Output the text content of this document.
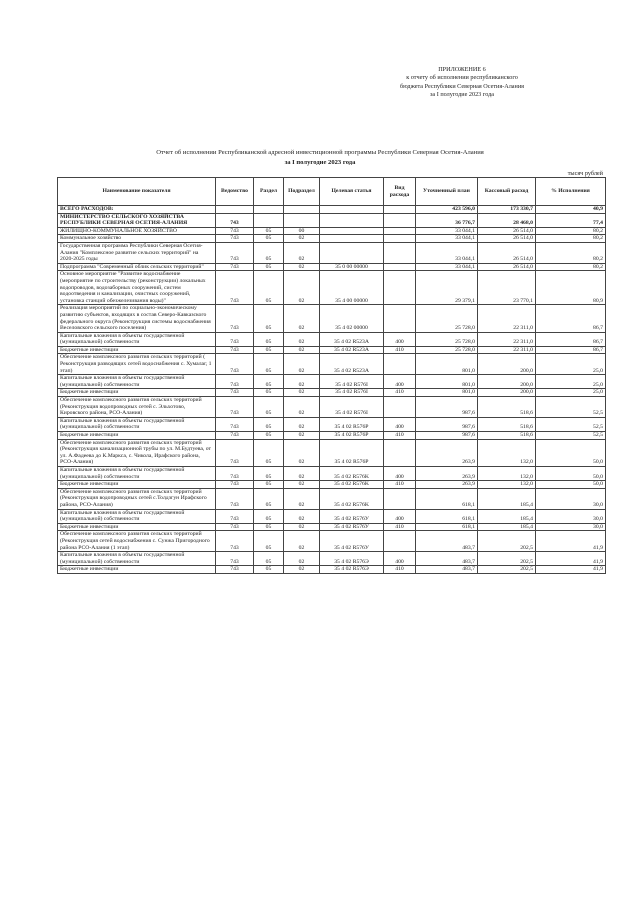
ПРИЛОЖЕНИЕ 6
к отчету об исполнении республиканского
бюджета Республики Северная Осетия-Алания
за I полугодие 2023 года
Отчет об исполнении Республиканской адресной инвестиционной программы Республики Северная Осетия-Алания
за I полугодие 2023 года
тысяч рублей
Наименование показателя	Ведомство	Раздел	Подраздел	Целевая статья	Вид расхода	Уточненный план	Кассовый расход	% Исполнения
ВСЕГО РАСХОДОВ:						423 596,0	173 330,7	40,9
МИНИСТЕРСТВО СЕЛЬСКОГО ХОЗЯЙСТВА РЕСПУБЛИКИ СЕВЕРНАЯ ОСЕТИЯ-АЛАНИЯ	743					36 776,7	28 468,0	77,4
ЖИЛИЩНО-КОММУНАЛЬНОЕ ХОЗЯЙСТВО	743	05	00			33 044,1	26 514,0	80,2
Коммунальное хозяйство	743	05	02			33 044,1	26 514,0	80,2
Государственная программа Республики Северная Осетия-Алания "Комплексное развитие сельских территорий" на 2020-2025 годы	743	05	02			33 044,1	26 514,0	80,2
Подпрограмма "Современный облик сельских территорий"	743	05	02	35 0 00 00000		33 044,1	26 514,0	80,2
Основное мероприятие "Развитие водоснабжение (мероприятие по строительству (реконструкции) локальных водопроводов, водозаборных сооружений, систем водоотведения и канализации, очистных сооружений, установка станций обезжелезивания воды)"	743	05	02	35 4 00 00000		29 379,1	23 770,1	80,9
Реализация мероприятий по социально-экономическому развитию субъектов, входящих в состав Северо-Кавказского федерального округа (Реконструкция системы водоснабжения Веселовского сельского поселения)	743	05	02	35 4 02 00000		25 728,0	22 311,0	86,7
Капитальные вложения в объекты государственной (муниципальной) собственности	743	05	02	35 4 02 R523A	400	25 728,0	22 311,0	86,7
Бюджетные инвестиции	743	05	02	35 4 02 R523A	410	25 728,0	22 311,0	86,7
Обеспечение комплексного развития сельских территорий ( Реконструкция разводящих сетей водоснабжения с. Хумалаг, 1 этап)	743	05	02	35 4 02 R523A		801,0	200,0	25,0
Капитальные вложения в объекты государственной (муниципальной) собственности	743	05	02	35 4 02 R576I	400	801,0	200,0	25,0
Бюджетные инвестиции	743	05	02	35 4 02 R576I	410	801,0	200,0	25,0
Обеспечение комплексного развития сельских территорий (Реконструкция водопроводных сетей с. Эльхотово, Кировского района, РСО-Алания)	743	05	02	35 4 02 R576I		987,6	518,6	52,5
Капитальные вложения в объекты государственной (муниципальной) собственности	743	05	02	35 4 02 R576P	400	987,6	518,6	52,5
Бюджетные инвестиции	743	05	02	35 4 02 R576P	410	987,6	518,6	52,5
Обеспечение комплексного развития сельских территорий (Реконструкция канализационной трубы по ул. М.Будтуева, от ул. А.Фадеева до К.Маркса, с. Чикола, Ирафского района, РСО-Алания)	743	05	02	35 4 02 R576P		263,9	132,0	50,0
Капитальные вложения в объекты государственной (муниципальной) собственности	743	05	02	35 4 02 R576K	400	263,9	132,0	50,0
Бюджетные инвестиции	743	05	02	35 4 02 R576K	410	263,9	132,0	50,0
Обеспечение комплексного развития сельских территорий (Реконструкция водопроводных сетей с.Толдзгун Ирафского района, РСО-Алания)	743	05	02	35 4 02 R576K		618,1	185,4	30,0
Капитальные вложения в объекты государственной (муниципальной) собственности	743	05	02	35 4 02 R576У	400	618,1	185,4	30,0
Бюджетные инвестиции	743	05	02	35 4 02 R576У	410	618,1	185,4	30,0
Обеспечение комплексного развития сельских территорий (Реконструкция сетей водоснабжения с. Сунжа Пригородного района РСО-Алания (1 этап)	743	05	02	35 4 02 R576У		483,7	202,5	41,9
Капитальные вложения в объекты государственной (муниципальной) собственности	743	05	02	35 4 02 R576Э	400	483,7	202,5	41,9
Бюджетные инвестиции	743	05	02	35 4 02 R576Э	410	483,7	202,5	41,9
